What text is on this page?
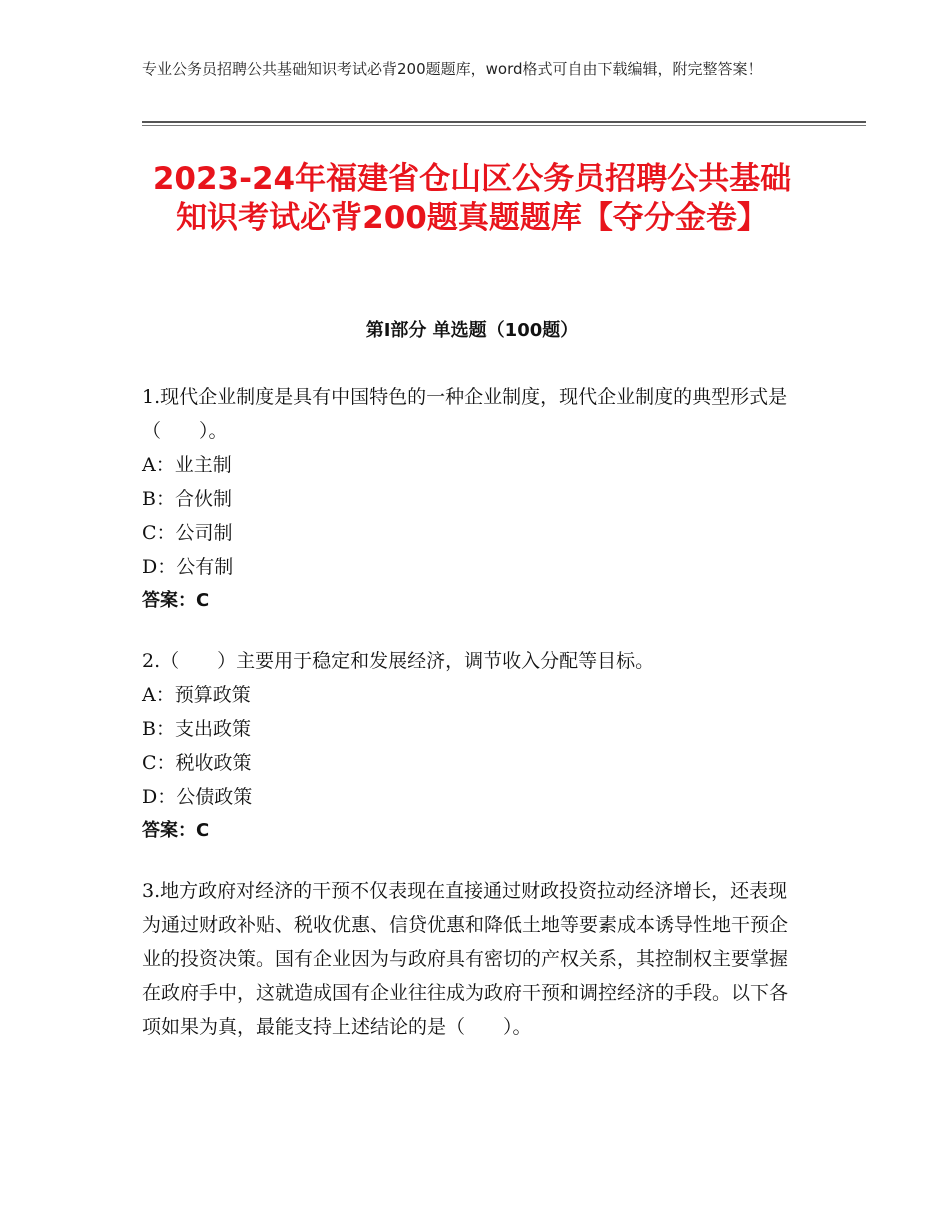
专业公务员招聘公共基础知识考试必背200题题库，word格式可自由下载编辑，附完整答案！
2023-24年福建省仓山区公务员招聘公共基础知识考试必背200题真题题库【夺分金卷】
第Ⅰ部分 单选题（100题）

1.现代企业制度是具有中国特色的一种企业制度，现代企业制度的典型形式是（　　）。

A：业主制

B：合伙制

C：公司制

D：公有制

答案：C

2.（　　）主要用于稳定和发展经济，调节收入分配等目标。

A：预算政策

B：支出政策

C：税收政策

D：公债政策

答案：C

3.地方政府对经济的干预不仅表现在直接通过财政投资拉动经济增长，还表现为通过财政补贴、税收优惠、信贷优惠和降低土地等要素成本诱导性地干预企业的投资决策。国有企业因为与政府具有密切的产权关系，其控制权主要掌握在政府手中，这就造成国有企业往往成为政府干预和调控经济的手段。以下各项如果为真，最能支持上述结论的是（　　）。
